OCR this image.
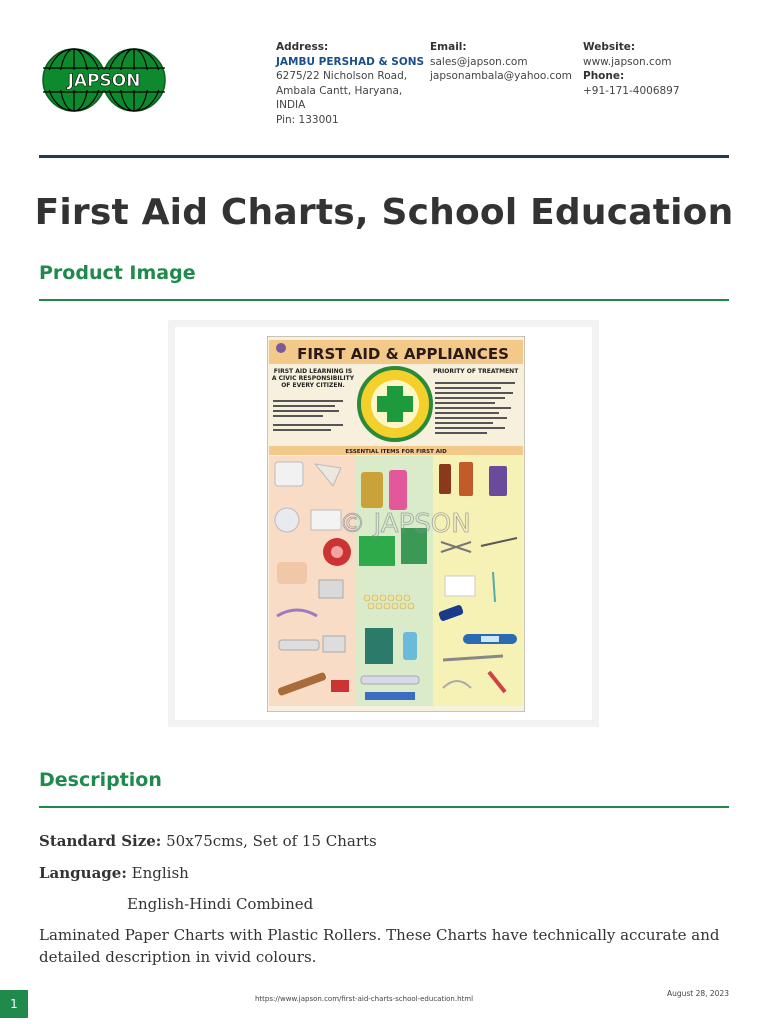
JAPSON
Address:
JAMBU PERSHAD & SONS
6275/22 Nicholson Road,
Ambala Cantt, Haryana,
INDIA
Pin: 133001
Email:
sales@japson.com
japsonambala@yahoo.com
Website:
www.japson.com
Phone:
+91-171-4006897
First Aid Charts, School Education
Product Image
FIRST AID & APPLIANCES
FIRST AID LEARNING IS A CIVIC RESPONSIBILITY OF EVERY CITIZEN.
PRIORITY OF TREATMENT
ESSENTIAL ITEMS FOR FIRST AID
© JAPSON
Description
Standard Size: 50x75cms, Set of 15 Charts
Language: English
English-Hindi Combined
Laminated Paper Charts with Plastic Rollers. These Charts have technically accurate and detailed description in vivid colours.
1	https://www.japson.com/first-aid-charts-school-education.html
August 28, 2023
